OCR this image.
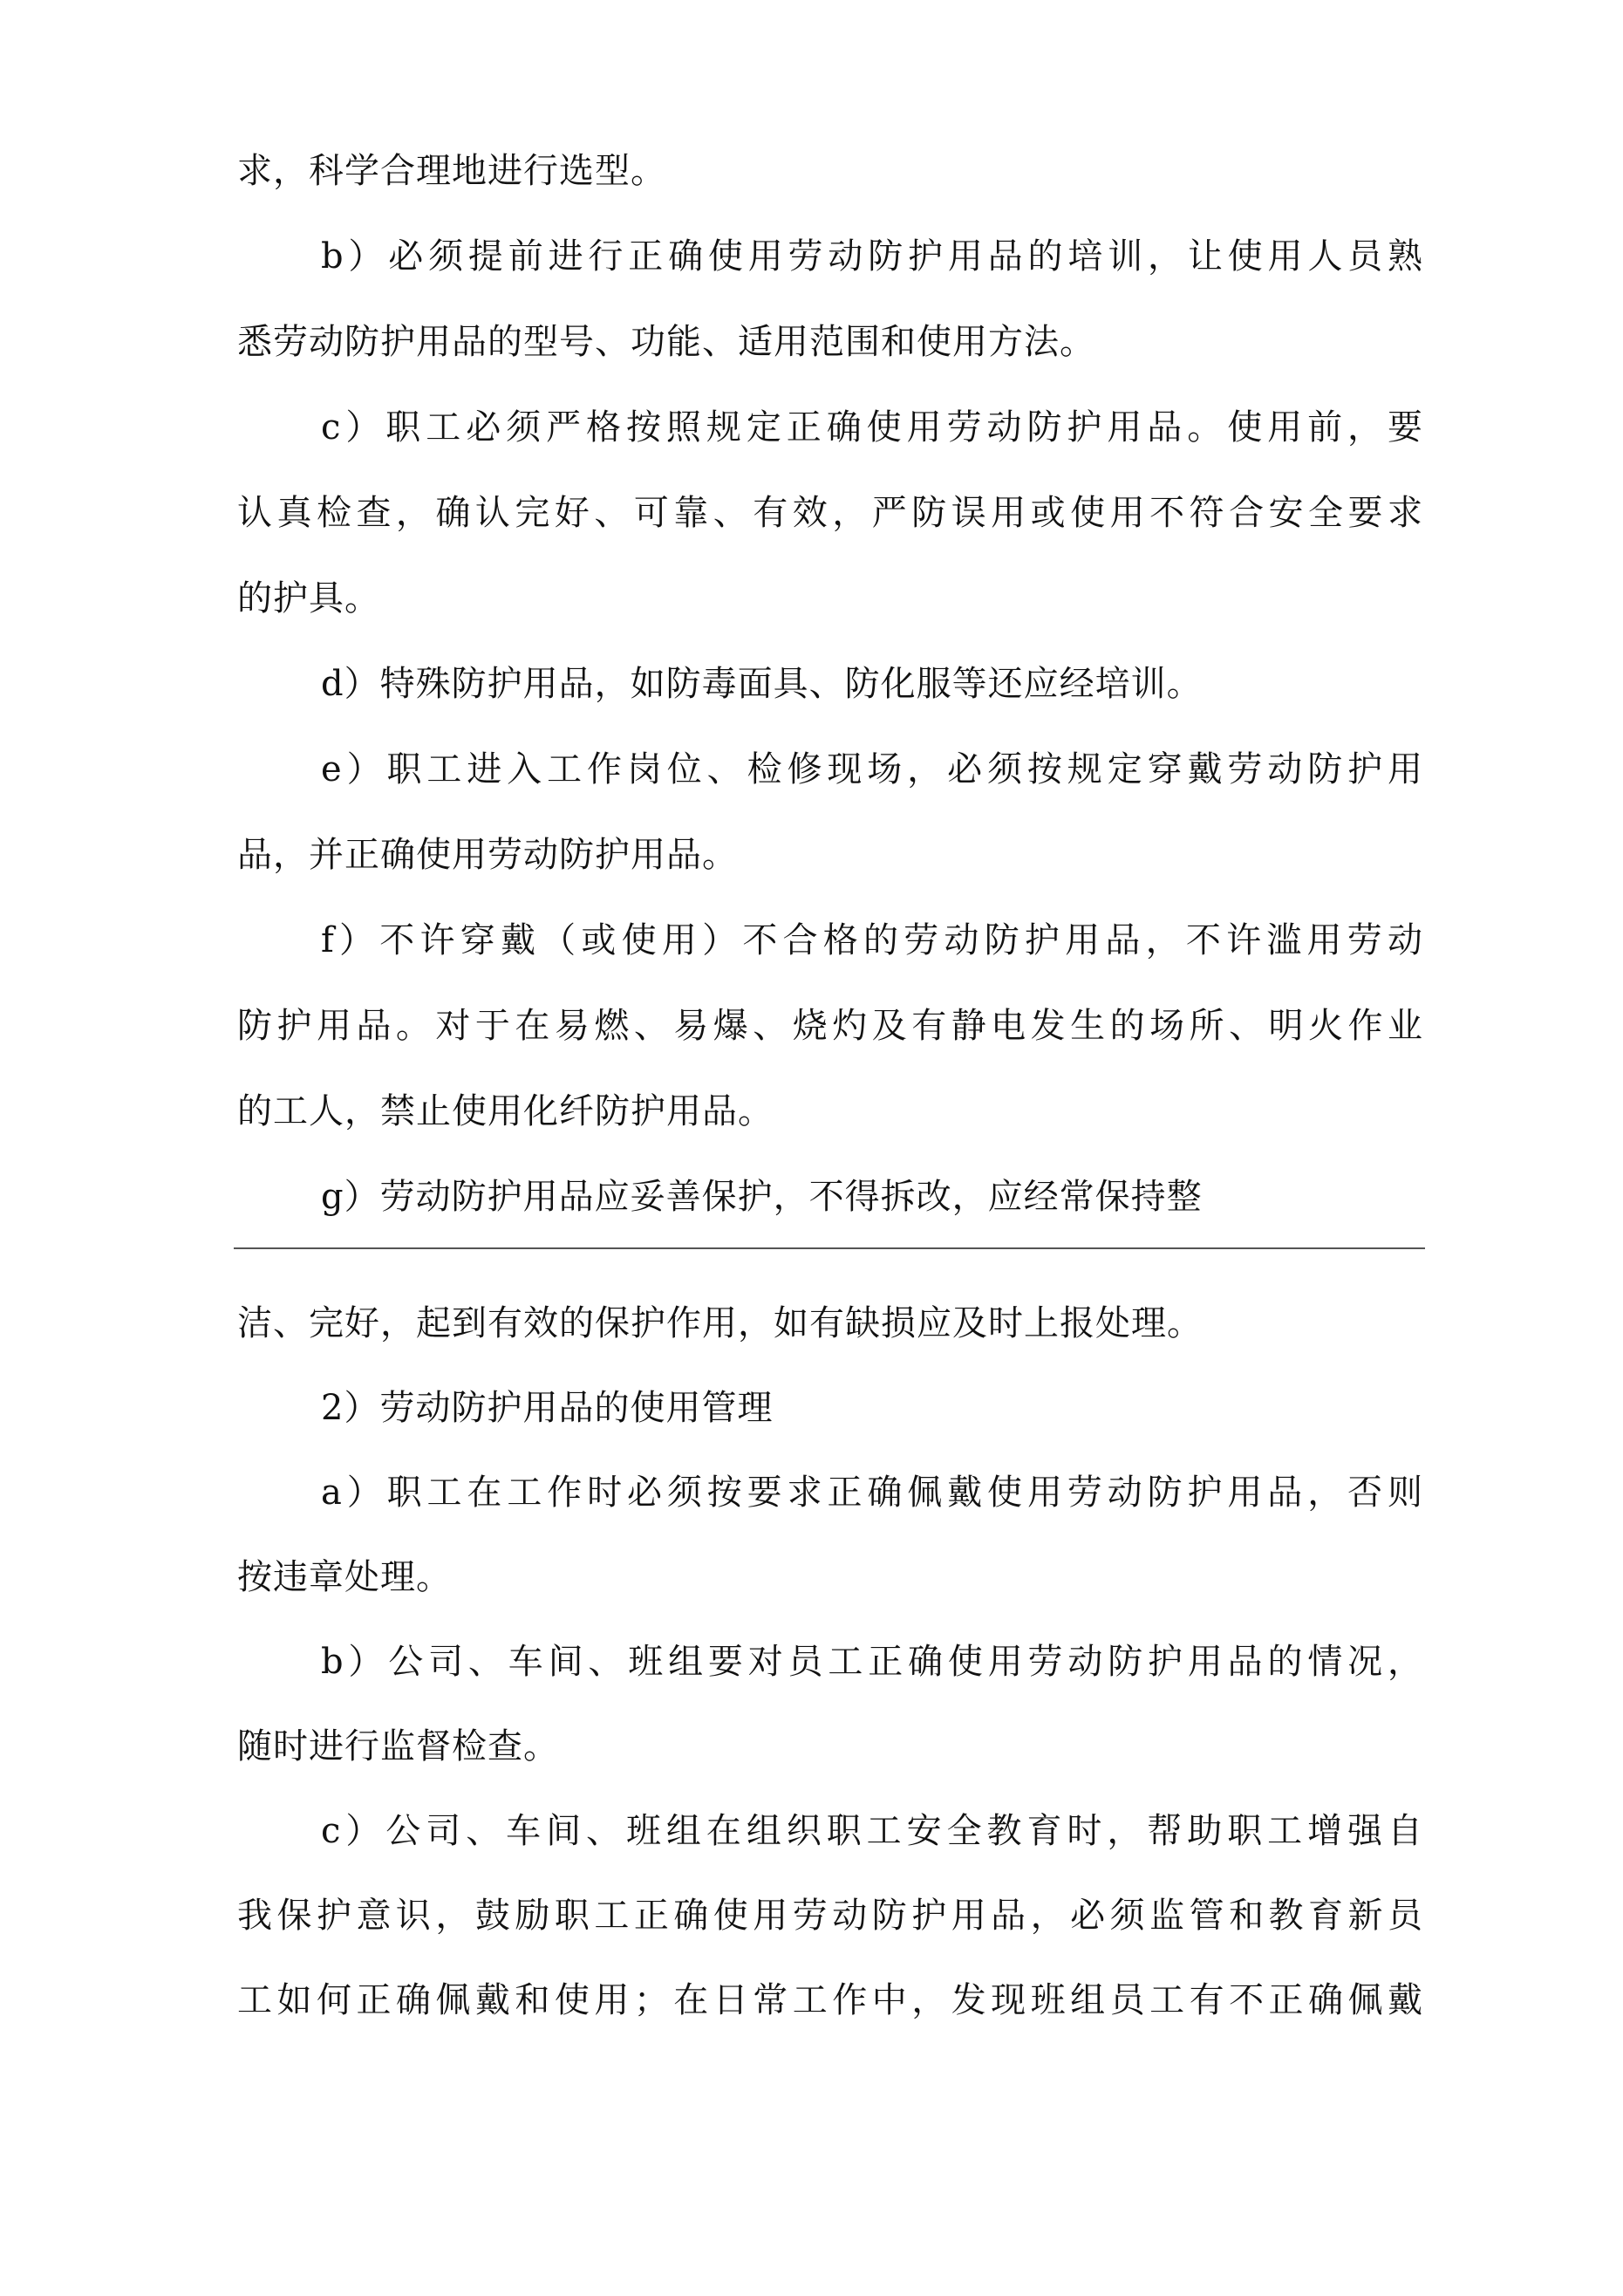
求，科学合理地进行选型。
b）必须提前进行正确使用劳动防护用品的培训，让使用人员熟
悉劳动防护用品的型号、功能、适用范围和使用方法。
c）职工必须严格按照规定正确使用劳动防护用品。使用前，要
认真检查，确认完好、可靠、有效，严防误用或使用不符合安全要求
的护具。
d）特殊防护用品，如防毒面具、防化服等还应经培训。
e）职工进入工作岗位、检修现场，必须按规定穿戴劳动防护用
品，并正确使用劳动防护用品。
f）不许穿戴（或使用）不合格的劳动防护用品，不许滥用劳动
防护用品。对于在易燃、易爆、烧灼及有静电发生的场所、明火作业
的工人，禁止使用化纤防护用品。
g）劳动防护用品应妥善保护，不得拆改，应经常保持整
洁、完好，起到有效的保护作用，如有缺损应及时上报处理。
2）劳动防护用品的使用管理
a）职工在工作时必须按要求正确佩戴使用劳动防护用品，否则
按违章处理。
b）公司、车间、班组要对员工正确使用劳动防护用品的情况，
随时进行监督检查。
c）公司、车间、班组在组织职工安全教育时，帮助职工增强自
我保护意识，鼓励职工正确使用劳动防护用品，必须监管和教育新员
工如何正确佩戴和使用；在日常工作中，发现班组员工有不正确佩戴
